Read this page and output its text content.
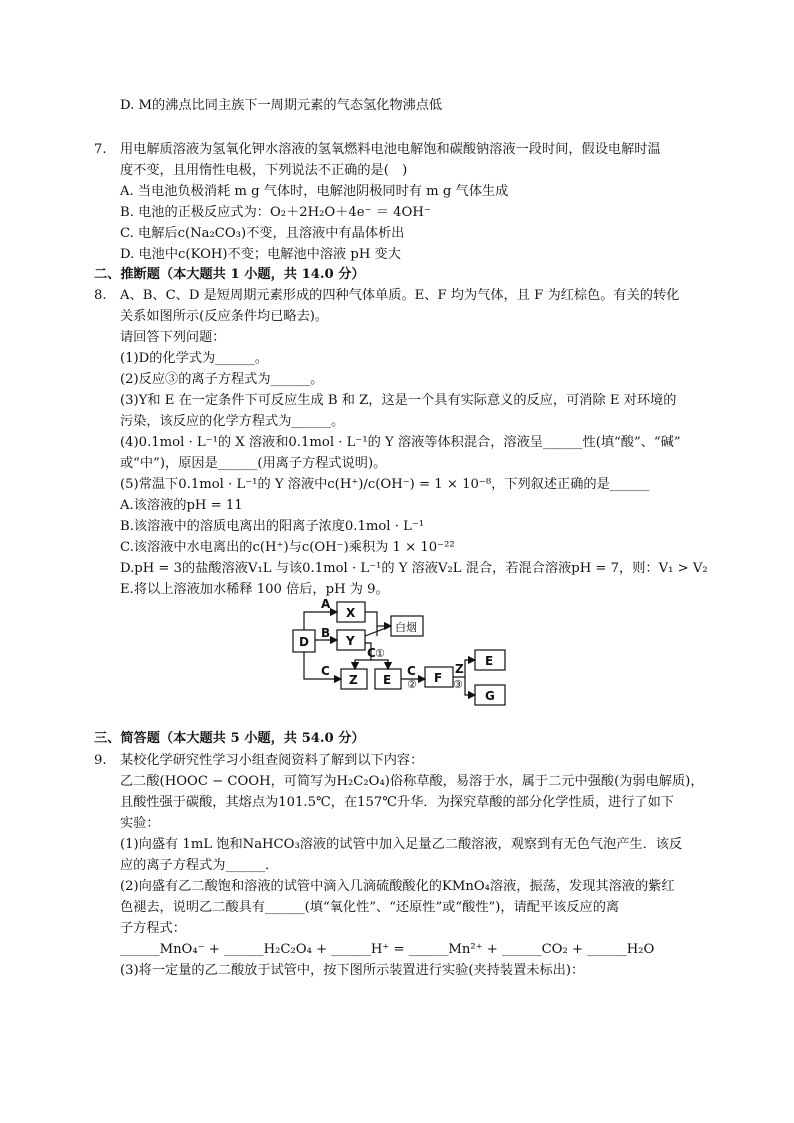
D. M的沸点比同主族下一周期元素的气态氢化物沸点低
7. 用电解质溶液为氢氧化钾水溶液的氢氧燃料电池电解饱和碳酸钠溶液一段时间，假设电解时温
度不变，且用惰性电极，下列说法不正确的是(　)
A. 当电池负极消耗 m g 气体时，电解池阴极同时有 m g 气体生成
B. 电池的正极反应式为：O₂＋2H₂O＋4e⁻ ＝ 4OH⁻
C. 电解后c(Na₂CO₃)不变，且溶液中有晶体析出
D. 电池中c(KOH)不变；电解池中溶液 pH 变大
二、推断题（本大题共 1 小题，共 14.0 分）
8. A、B、C、D 是短周期元素形成的四种气体单质。E、F 均为气体，且 F 为红棕色。有关的转化
关系如图所示(反应条件均已略去)。
请回答下列问题：
(1)D的化学式为______。
(2)反应③的离子方程式为______。
(3)Y和 E 在一定条件下可反应生成 B 和 Z，这是一个具有实际意义的反应，可消除 E 对环境的
污染，该反应的化学方程式为______。
(4)0.1mol · L⁻¹的 X 溶液和0.1mol · L⁻¹的 Y 溶液等体积混合，溶液呈______性(填“酸”、“碱”
或“中”)，原因是______(用离子方程式说明)。
(5)常温下0.1mol · L⁻¹的 Y 溶液中c(H⁺)/c(OH⁻) = 1 × 10⁻⁸，下列叙述正确的是______
A.该溶液的pH = 11
B.该溶液中的溶质电离出的阳离子浓度0.1mol · L⁻¹
C.该溶液中水电离出的c(H⁺)与c(OH⁻)乘积为 1 × 10⁻²²
D.pH = 3的盐酸溶液V₁L 与该0.1mol · L⁻¹的 Y 溶液V₂L 混合，若混合溶液pH = 7，则：V₁ > V₂
E.将以上溶液加水稀释 100 倍后，pH 为 9。
D
X
Y
白烟
Z E	F
E
G
A
B
C
C
C	Z
①
②	③
三、简答题（本大题共 5 小题，共 54.0 分）
9. 某校化学研究性学习小组查阅资料了解到以下内容：
乙二酸(HOOC − COOH，可简写为H₂C₂O₄)俗称草酸，易溶于水，属于二元中强酸(为弱电解质)，
且酸性强于碳酸，其熔点为101.5℃，在157℃升华．为探究草酸的部分化学性质，进行了如下
实验：
(1)向盛有 1mL 饱和NaHCO₃溶液的试管中加入足量乙二酸溶液，观察到有无色气泡产生．该反
应的离子方程式为______．
(2)向盛有乙二酸饱和溶液的试管中滴入几滴硫酸酸化的KMnO₄溶液，振荡，发现其溶液的紫红
色褪去，说明乙二酸具有______(填“氧化性”、“还原性”或“酸性”)，请配平该反应的离
子方程式：
______MnO₄⁻ + ______H₂C₂O₄ + ______H⁺ = ______Mn²⁺ + ______CO₂ + ______H₂O
(3)将一定量的乙二酸放于试管中，按下图所示装置进行实验(夹持装置未标出)：
